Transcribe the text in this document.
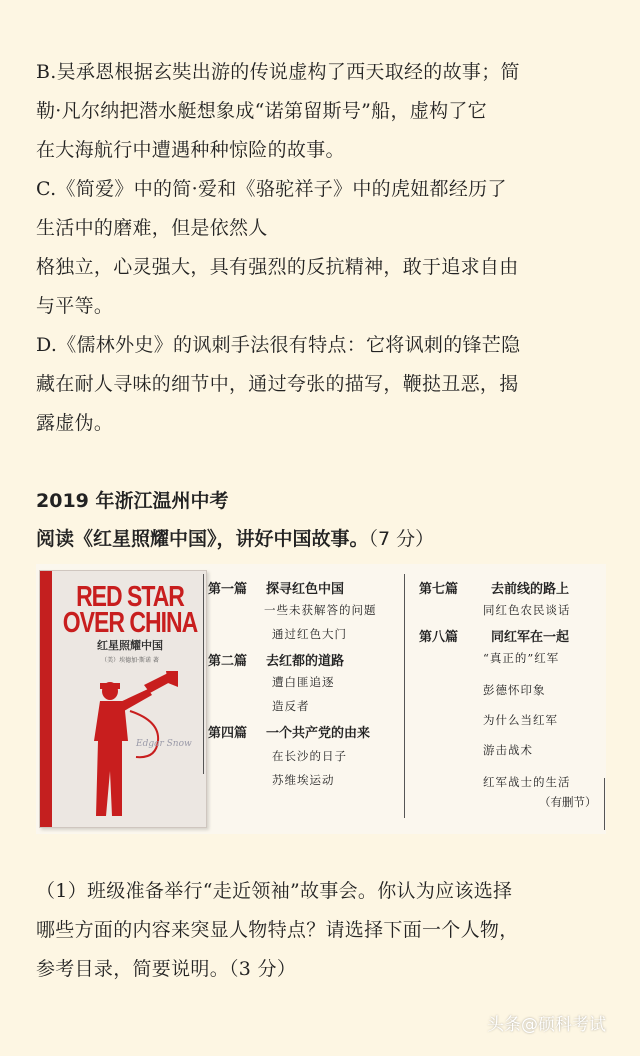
B.吴承恩根据玄奘出游的传说虚构了西天取经的故事；简

勒·凡尔纳把潜水艇想象成“诺第留斯号”船，虚构了它

在大海航行中遭遇种种惊险的故事。

C.《简爱》中的简·爱和《骆驼祥子》中的虎妞都经历了

生活中的磨难，但是依然人

格独立，心灵强大，具有强烈的反抗精神，敢于追求自由

与平等。

D.《儒林外史》的讽刺手法很有特点：它将讽刺的锋芒隐

藏在耐人寻味的细节中，通过夸张的描写，鞭挞丑恶，揭

露虚伪。

2019 年浙江温州中考
阅读《红星照耀中国》，讲好中国故事。（7 分）
RED STAR
OVER CHINA
红星照耀中国
（美）埃德加·斯诺 著
Edgar Snow
第一篇 探寻红色中国
一些未获解答的问题
通过红色大门
第二篇 去红都的道路
遭白匪追逐
造反者
第四篇 一个共产党的由来
在长沙的日子
苏维埃运动
第七篇	去前线的路上
同红色农民谈话
第八篇	同红军在一起
“真正的”红军
彭德怀印象
为什么当红军
游击战术
红军战士的生活
（有删节）

（1）班级准备举行“走近领袖”故事会。你认为应该选择

哪些方面的内容来突显人物特点？请选择下面一个人物，

参考目录，简要说明。（3 分）

头条@硕科考试
